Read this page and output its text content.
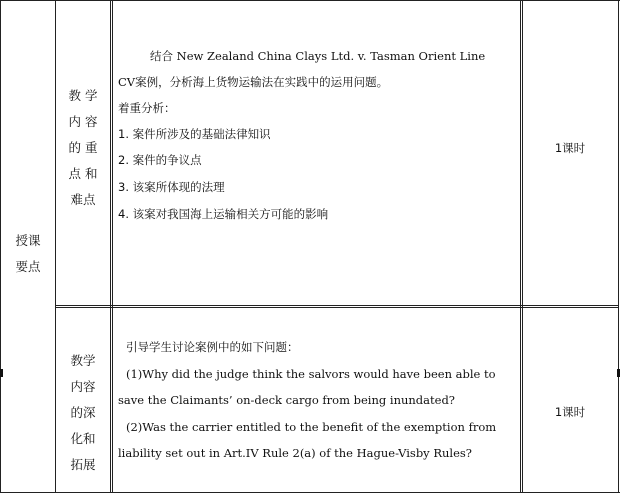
授课
要点
教 学
内 容
的 重
点 和
难点
结合 New Zealand China Clays Ltd. v. Tasman Orient Line
CV案例，分析海上货物运输法在实践中的运用问题。
着重分析：
1. 案件所涉及的基础法律知识
2. 案件的争议点
3. 该案所体现的法理
4. 该案对我国海上运输相关方可能的影响
1课时
教学
内容
的深
化和
拓展
引导学生讨论案例中的如下问题：
(1)Why did the judge think the salvors would have been able to
save the Claimants’ on-deck cargo from being inundated?
(2)Was the carrier entitled to the benefit of the exemption from
liability set out in Art.IV Rule 2(a) of the Hague-Visby Rules?
1课时
